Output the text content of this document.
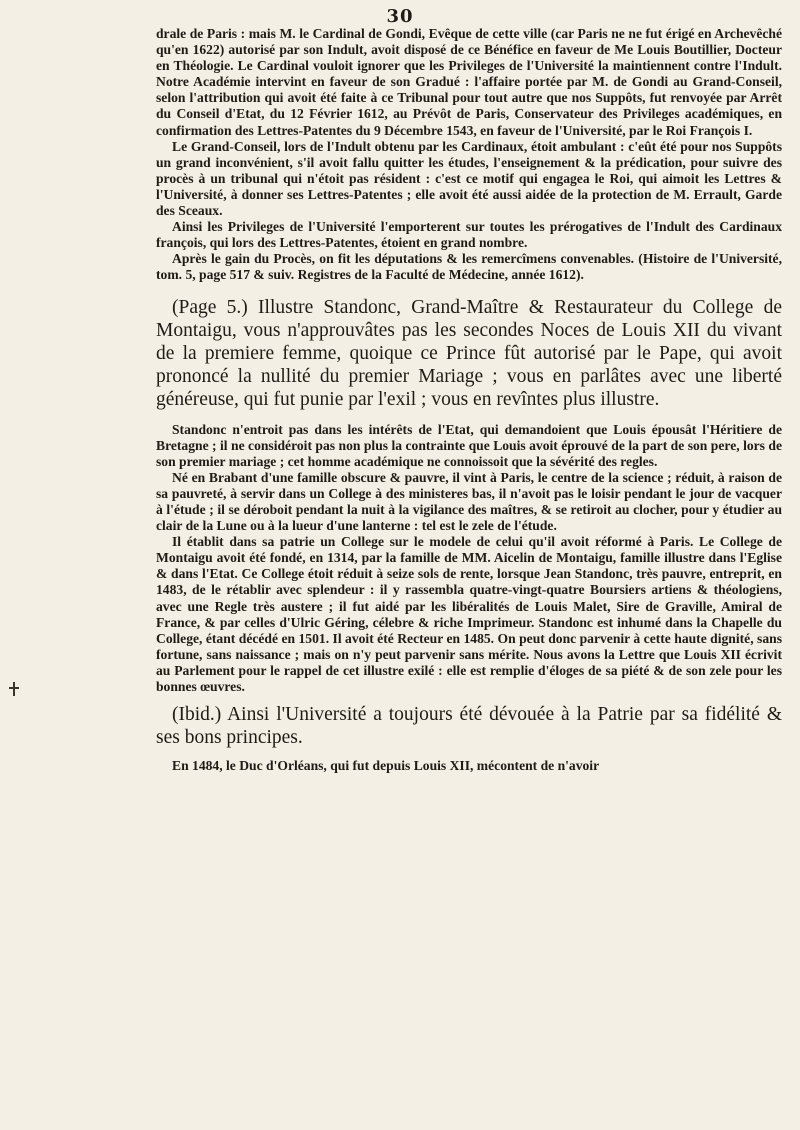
30

drale de Paris : mais M. le Cardinal de Gondi, Evêque de cette ville (car Paris ne ne fut érigé en Archevêché qu'en 1622) autorisé par son Indult, avoit disposé de ce Bénéfice en faveur de Me Louis Boutillier, Docteur en Théologie. Le Cardinal vouloit ignorer que les Privileges de l'Université la maintiennent contre l'Indult. Notre Académie intervint en faveur de son Gradué : l'affaire portée par M. de Gondi au Grand-Conseil, selon l'attribution qui avoit été faite à ce Tribunal pour tout autre que nos Suppôts, fut renvoyée par Arrêt du Conseil d'Etat, du 12 Février 1612, au Prévôt de Paris, Conservateur des Privileges académiques, en confirmation des Lettres-Patentes du 9 Décembre 1543, en faveur de l'Université, par le Roi François I.

Le Grand-Conseil, lors de l'Indult obtenu par les Cardinaux, étoit ambulant : c'eût été pour nos Suppôts un grand inconvénient, s'il avoit fallu quitter les études, l'enseignement & la prédication, pour suivre des procès à un tribunal qui n'étoit pas résident : c'est ce motif qui engagea le Roi, qui aimoit les Lettres & l'Université, à donner ses Lettres-Patentes ; elle avoit été aussi aidée de la protection de M. Errault, Garde des Sceaux.

Ainsi les Privileges de l'Université l'emporterent sur toutes les prérogatives de l'Indult des Cardinaux françois, qui lors des Lettres-Patentes, étoient en grand nombre.

Après le gain du Procès, on fit les députations & les remercîmens convenables. (Histoire de l'Université, tom. 5, page 517 & suiv. Registres de la Faculté de Médecine, année 1612).

(Page 5.) Illustre Standonc, Grand-Maître & Restaurateur du College de Montaigu, vous n'approuvâtes pas les secondes Noces de Louis XII du vivant de la premiere femme, quoique ce Prince fût autorisé par le Pape, qui avoit prononcé la nullité du premier Mariage ; vous en parlâtes avec une liberté généreuse, qui fut punie par l'exil ; vous en revîntes plus illustre.

Standonc n'entroit pas dans les intérêts de l'Etat, qui demandoient que Louis épousât l'Héritiere de Bretagne ; il ne considéroit pas non plus la contrainte que Louis avoit éprouvé de la part de son pere, lors de son premier mariage ; cet homme académique ne connoissoit que la sévérité des regles.

Né en Brabant d'une famille obscure & pauvre, il vint à Paris, le centre de la science ; réduit, à raison de sa pauvreté, à servir dans un College à des ministeres bas, il n'avoit pas le loisir pendant le jour de vacquer à l'étude ; il se déroboit pendant la nuit à la vigilance des maîtres, & se retiroit au clocher, pour y étudier au clair de la Lune ou à la lueur d'une lanterne : tel est le zele de l'étude.

Il établit dans sa patrie un College sur le modele de celui qu'il avoit réformé à Paris. Le College de Montaigu avoit été fondé, en 1314, par la famille de MM. Aicelin de Montaigu, famille illustre dans l'Eglise & dans l'Etat. Ce College étoit réduit à seize sols de rente, lorsque Jean Standonc, très pauvre, entreprit, en 1483, de le rétablir avec splendeur : il y rassembla quatre-vingt-quatre Boursiers artiens & théologiens, avec une Regle très austere ; il fut aidé par les libéralités de Louis Malet, Sire de Graville, Amiral de France, & par celles d'Ulric Géring, célebre & riche Imprimeur. Standonc est inhumé dans la Chapelle du College, étant décédé en 1501. Il avoit été Recteur en 1485. On peut donc parvenir à cette haute dignité, sans fortune, sans naissance ; mais on n'y peut parvenir sans mérite. Nous avons la Lettre que Louis XII écrivit au Parlement pour le rappel de cet illustre exilé : elle est remplie d'éloges de sa piété & de son zele pour les bonnes œuvres.

(Ibid.) Ainsi l'Université a toujours été dévouée à la Patrie par sa fidélité & ses bons principes.

En 1484, le Duc d'Orléans, qui fut depuis Louis XII, mécontent de n'avoir
